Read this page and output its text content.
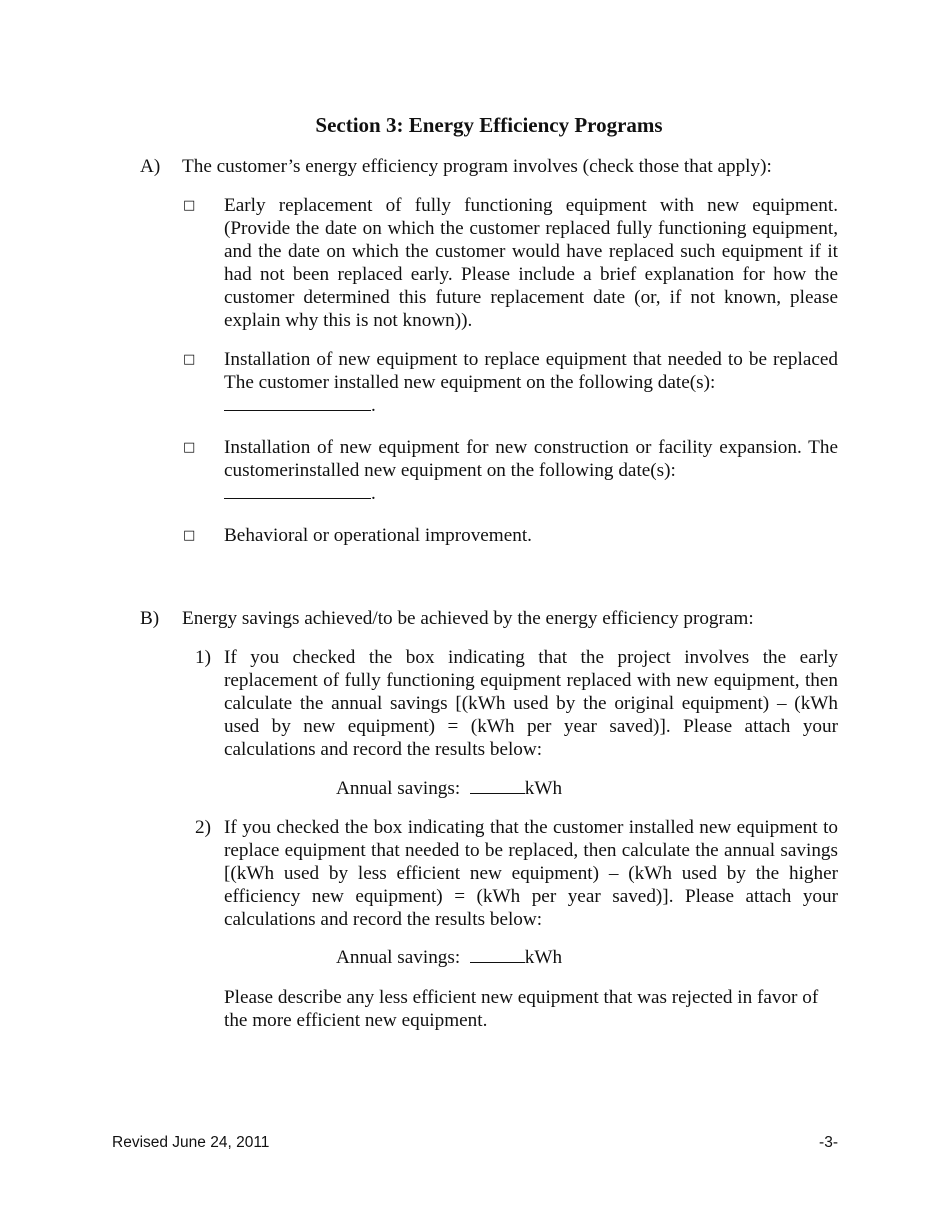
Section 3: Energy Efficiency Programs
A)	The customer’s energy efficiency program involves (check those that apply):
□ Early replacement of fully functioning equipment with new equipment. (Provide the date on which the customer replaced fully functioning equipment, and the date on which the customer would have replaced such equipment if it had not been replaced early. Please include a brief explanation for how the customer determined this future replacement date (or, if not known, please explain why this is not known)).
□ Installation of new equipment to replace equipment that needed to be replaced The customer installed new equipment on the following date(s):
.
□ Installation of new equipment for new construction or facility expansion. The customerinstalled new equipment on the following date(s):
.
□ Behavioral or operational improvement.
B)	Energy savings achieved/to be achieved by the energy efficiency program:
1) If you checked the box indicating that the project involves the early replacement of fully functioning equipment replaced with new equipment, then calculate the annual savings [(kWh used by the original equipment) – (kWh used by new equipment) = (kWh per year saved)]. Please attach your calculations and record the results below:
Annual savings:	kWh
2) If you checked the box indicating that the customer installed new equipment to replace equipment that needed to be replaced, then calculate the annual savings [(kWh used by less efficient new equipment) – (kWh used by the higher efficiency new equipment) = (kWh per year saved)]. Please attach your calculations and record the results below:
Annual savings:	kWh
Please describe any less efficient new equipment that was rejected in favor of the more efficient new equipment.
Revised June 24, 2011	-3-
